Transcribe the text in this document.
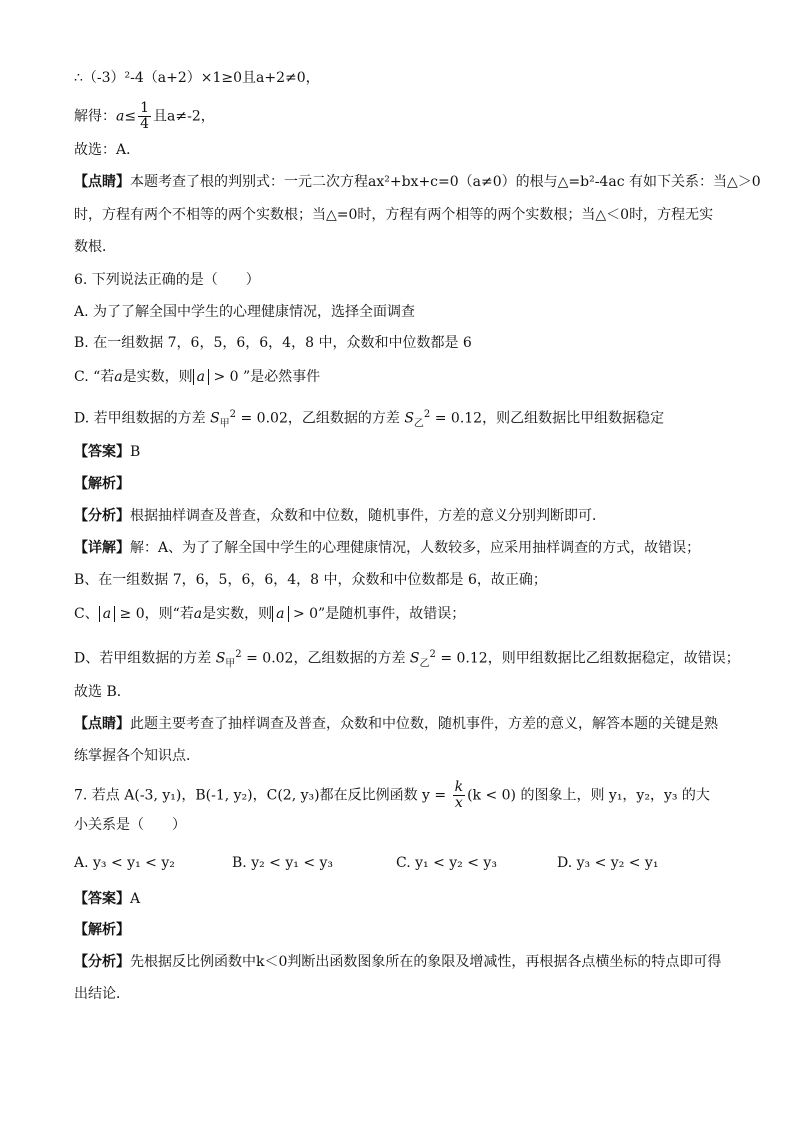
∴（-3）²-4（a+2）×1≥0且a+2≠0，
解得：$a\le \frac{1}{4}$ 且a≠-2，
故选：A．
【点睛】本题考查了根的判别式：一元二次方程ax²+bx+c=0（a≠0）的根与△=b²-4ac 有如下关系：当△＞0
时，方程有两个不相等的两个实数根；当△=0时，方程有两个相等的两个实数根；当△＜0时，方程无实
数根．
6. 下列说法正确的是（　　）
A. 为了了解全国中学生的心理健康情况，选择全面调查
B. 在一组数据 7，6，5，6，6，4，8 中，众数和中位数都是 6
C. “若a是实数，则 a > 0 ”是必然事件
D. 若甲组数据的方差 $S_甲^2 = 0.02$，乙组数据的方差 $S_乙^2 = 0.12$，则乙组数据比甲组数据稳定
【答案】B
【解析】
【分析】根据抽样调查及普查，众数和中位数，随机事件，方差的意义分别判断即可．
【详解】解：A、为了了解全国中学生的心理健康情况，人数较多，应采用抽样调查的方式，故错误；
B、在一组数据 7，6，5，6，6，4，8 中，众数和中位数都是 6，故正确；
C、 a ≥ 0，则“若a是实数，则 a > 0”是随机事件，故错误；
D、若甲组数据的方差 $S_甲^2 = 0.02$，乙组数据的方差 $S_乙^2 = 0.12$，则甲组数据比乙组数据稳定，故错误；
故选 B．
【点睛】此题主要考查了抽样调查及普查，众数和中位数，随机事件，方差的意义，解答本题的关键是熟
练掌握各个知识点．
7. 若点 A(-3, y₁)，B(-1, y₂)，C(2, y₃)都在反比例函数 $y = \frac{k}{x} (k < 0)$ 的图象上，则 y₁，y₂，y₃ 的大
小关系是（　　）
A. y₃ < y₁ < y₂	B. y₂ < y₁ < y₃	C. y₁ < y₂ < y₃	D. y₃ < y₂ < y₁
【答案】A
【解析】
【分析】先根据反比例函数中k＜0判断出函数图象所在的象限及增减性，再根据各点横坐标的特点即可得
出结论．
